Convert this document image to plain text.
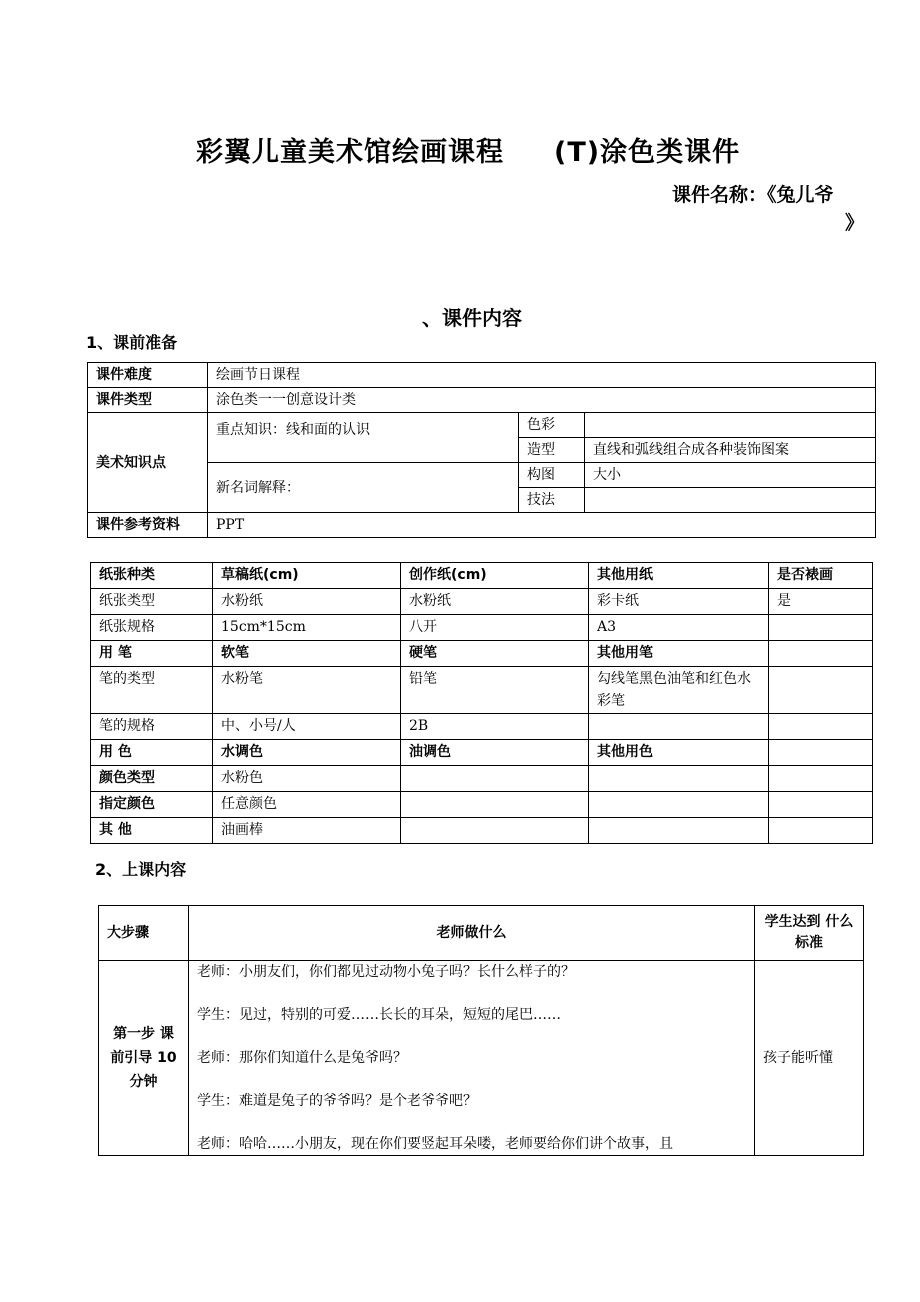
彩翼儿童美术馆绘画课程 (T)涂色类课件
课件名称：《兔儿爷
》
、课件内容
1、课前准备
课件难度	绘画节日课程		
课件类型	涂色类一一创意设计类		
美术知识点	重点知识：线和面的认识	色彩	
		造型	直线和弧线组合成各种装饰图案
	新名词解释：	构图	大小
		技法	
课件参考资料	PPT		
纸张种类	草稿纸(cm)	创作纸(cm)	其他用纸	是否裱画
纸张类型	水粉纸	水粉纸	彩卡纸	是
纸张规格	15cm*15cm	八开	A3	
用 笔	软笔	硬笔	其他用笔	
笔的类型	水粉笔	铅笔	勾线笔黑色油笔和红色水彩笔	
笔的规格	中、小号/人	2B		
用 色	水调色	油调色	其他用色	
颜色类型	水粉色			
指定颜色	任意颜色			
其 他	油画棒			
2、上课内容
大步骤	老师做什么	学生达到 什么标准
第一步 课前引导 10分钟	老师：小朋友们，你们都见过动物小兔子吗？长什么样子的？

学生：见过，特别的可爱……长长的耳朵，短短的尾巴……

老师：那你们知道什么是兔爷吗？

学生：难道是兔子的爷爷吗？是个老爷爷吧？

老师：哈哈……小朋友，现在你们要竖起耳朵喽，老师要给你们讲个故事，且	孩子能听懂
